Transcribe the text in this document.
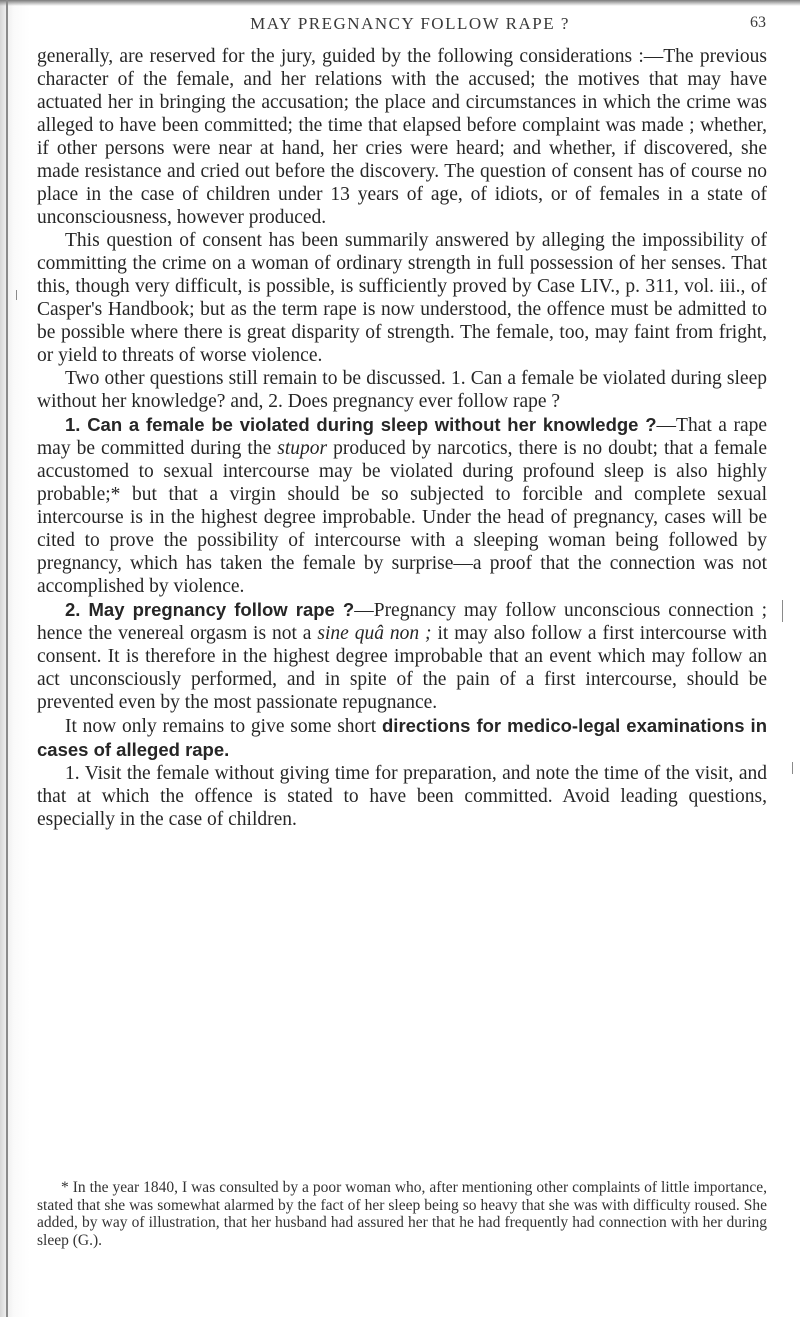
MAY PREGNANCY FOLLOW RAPE ?	63

generally, are reserved for the jury, guided by the following considerations :—The previous character of the female, and her relations with the accused; the motives that may have actuated her in bringing the accusation; the place and circumstances in which the crime was alleged to have been committed; the time that elapsed before complaint was made ; whether, if other persons were near at hand, her cries were heard; and whether, if discovered, she made resistance and cried out before the discovery. The question of consent has of course no place in the case of children under 13 years of age, of idiots, or of females in a state of unconsciousness, however produced.

This question of consent has been summarily answered by alleging the impossibility of committing the crime on a woman of ordinary strength in full possession of her senses. That this, though very difficult, is possible, is sufficiently proved by Case LIV., p. 311, vol. iii., of Casper's Handbook; but as the term rape is now understood, the offence must be admitted to be possible where there is great disparity of strength. The female, too, may faint from fright, or yield to threats of worse violence.

Two other questions still remain to be discussed. 1. Can a female be violated during sleep without her knowledge? and, 2. Does pregnancy ever follow rape ?

1. Can a female be violated during sleep without her knowledge ?—That a rape may be committed during the stupor produced by narcotics, there is no doubt; that a female accustomed to sexual intercourse may be violated during profound sleep is also highly probable;* but that a virgin should be so subjected to forcible and complete sexual intercourse is in the highest degree improbable. Under the head of pregnancy, cases will be cited to prove the possibility of intercourse with a sleeping woman being followed by pregnancy, which has taken the female by surprise—a proof that the connection was not accomplished by violence.

2. May pregnancy follow rape ?—Pregnancy may follow unconscious connection ; hence the venereal orgasm is not a sine quâ non ; it may also follow a first intercourse with consent. It is therefore in the highest degree improbable that an event which may follow an act unconsciously performed, and in spite of the pain of a first intercourse, should be prevented even by the most passionate repugnance.

It now only remains to give some short directions for medico-legal examinations in cases of alleged rape.

1. Visit the female without giving time for preparation, and note the time of the visit, and that at which the offence is stated to have been committed. Avoid leading questions, especially in the case of children.

* In the year 1840, I was consulted by a poor woman who, after mentioning other complaints of little importance, stated that she was somewhat alarmed by the fact of her sleep being so heavy that she was with difficulty roused. She added, by way of illustration, that her husband had assured her that he had frequently had connection with her during sleep (G.).
